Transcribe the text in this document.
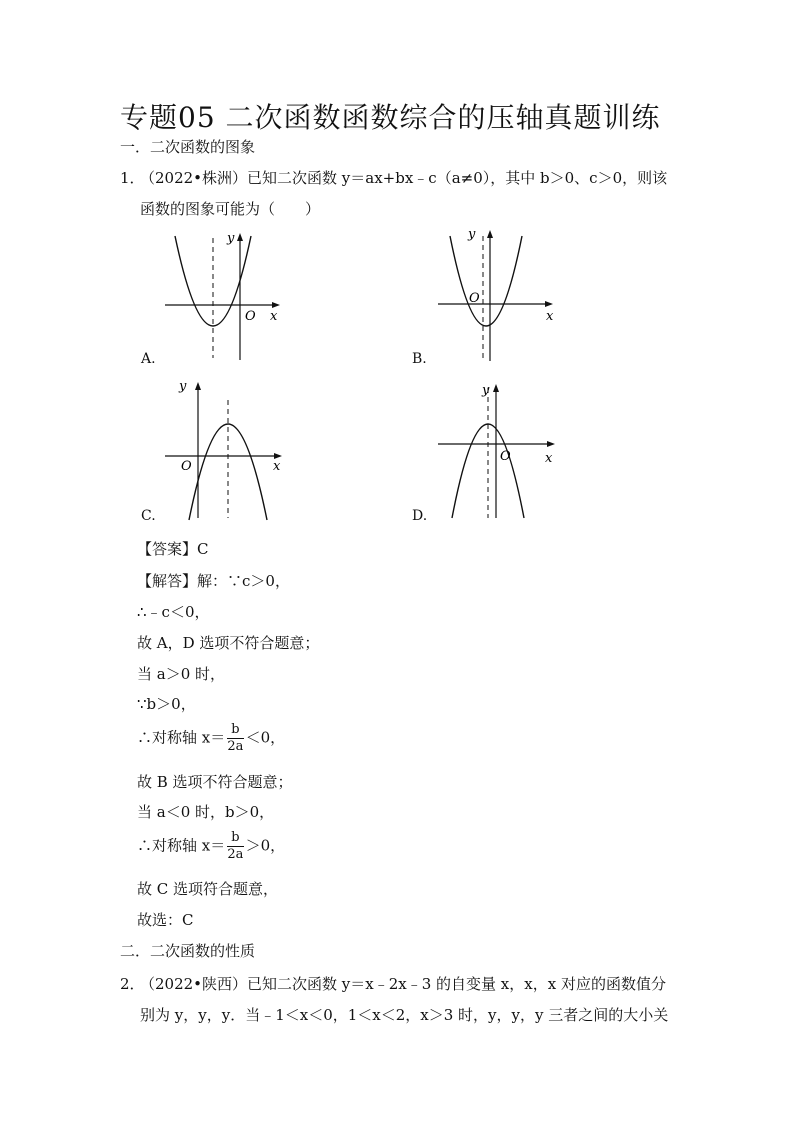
专题05 二次函数函数综合的压轴真题训练
一．二次函数的图象
1．
（2022•株洲）已知二次函数 y＝ax+bx﹣c（a≠0），其中 b＞0、c＞0，则该
函数的图象可能为（　　）
O x
y
A.
O
x
y
B.
O	x
y
C.
O	x
y
D.
【答案】C
【解答】解：∵c＞0，
∴﹣c＜0，
故 A，D 选项不符合题意；
当 a＞0 时，
∵b＞0，
∴对称轴 $x= \frac{b}{2a} <0$，
故 B 选项不符合题意；
当 a＜0 时，b＞0，
∴对称轴 $x= \frac{b}{2a} >0$，
故 C 选项符合题意，
故选：C
二．二次函数的性质
2．
（2022•陕西）已知二次函数 y＝x﹣2x﹣3 的自变量 x，x，x 对应的函数值分
别为 y，y，y．当﹣1＜x＜0，1＜x＜2，x＞3 时，y，y，y 三者之间的大小关
